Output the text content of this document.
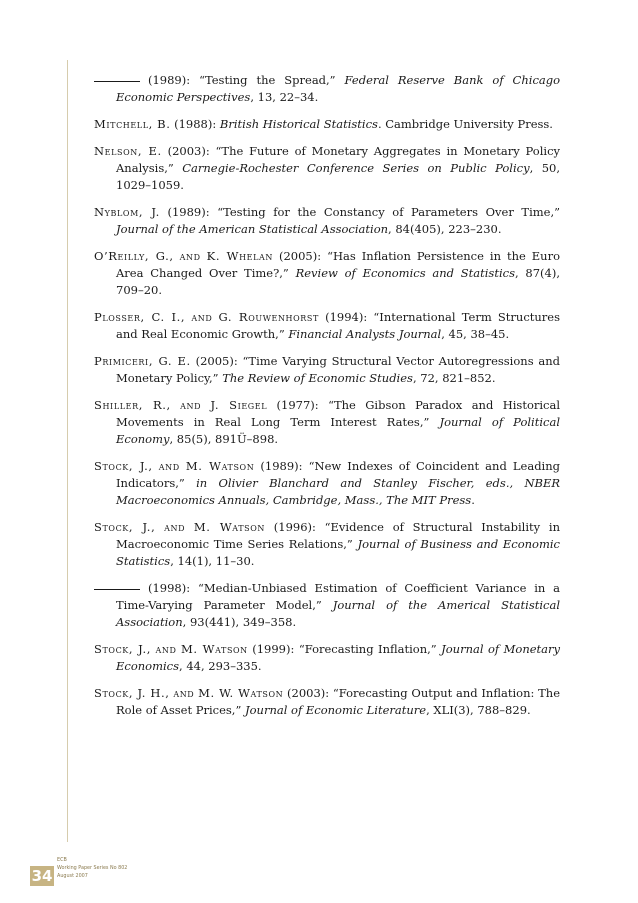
(1989): “Testing the Spread,” Federal Reserve Bank of Chicago Economic Perspectives, 13, 22–34.

Mitchell, B. (1988): British Historical Statistics. Cambridge University Press.

Nelson, E. (2003): “The Future of Monetary Aggregates in Monetary Policy Analysis,” Carnegie-Rochester Conference Series on Public Policy, 50, 1029–1059.

Nyblom, J. (1989): “Testing for the Constancy of Parameters Over Time,” Journal of the American Statistical Association, 84(405), 223–230.

O’Reilly, G., and K. Whelan (2005): “Has Inflation Persistence in the Euro Area Changed Over Time?,” Review of Economics and Statistics, 87(4), 709–20.

Plosser, C. I., and G. Rouwenhorst (1994): “International Term Structures and Real Economic Growth,” Financial Analysts Journal, 45, 38–45.

Primiceri, G. E. (2005): “Time Varying Structural Vector Autoregressions and Monetary Policy,” The Review of Economic Studies, 72, 821–852.

Shiller, R., and J. Siegel (1977): “The Gibson Paradox and Historical Movements in Real Long Term Interest Rates,” Journal of Political Economy, 85(5), 891Ü–898.

Stock, J., and M. Watson (1989): “New Indexes of Coincident and Leading Indicators,” in Olivier Blanchard and Stanley Fischer, eds., NBER Macroeconomics Annuals, Cambridge, Mass., The MIT Press.

Stock, J., and M. Watson (1996): “Evidence of Structural Instability in Macroeconomic Time Series Relations,” Journal of Business and Economic Statistics, 14(1), 11–30.

(1998): “Median-Unbiased Estimation of Coefficient Variance in a Time-Varying Parameter Model,” Journal of the Americal Statistical Association, 93(441), 349–358.

Stock, J., and M. Watson (1999): “Forecasting Inflation,” Journal of Monetary Economics, 44, 293–335.

Stock, J. H., and M. W. Watson (2003): “Forecasting Output and Inflation: The Role of Asset Prices,” Journal of Economic Literature, XLI(3), 788–829.

34
ECB
Working Paper Series No 802
August 2007
